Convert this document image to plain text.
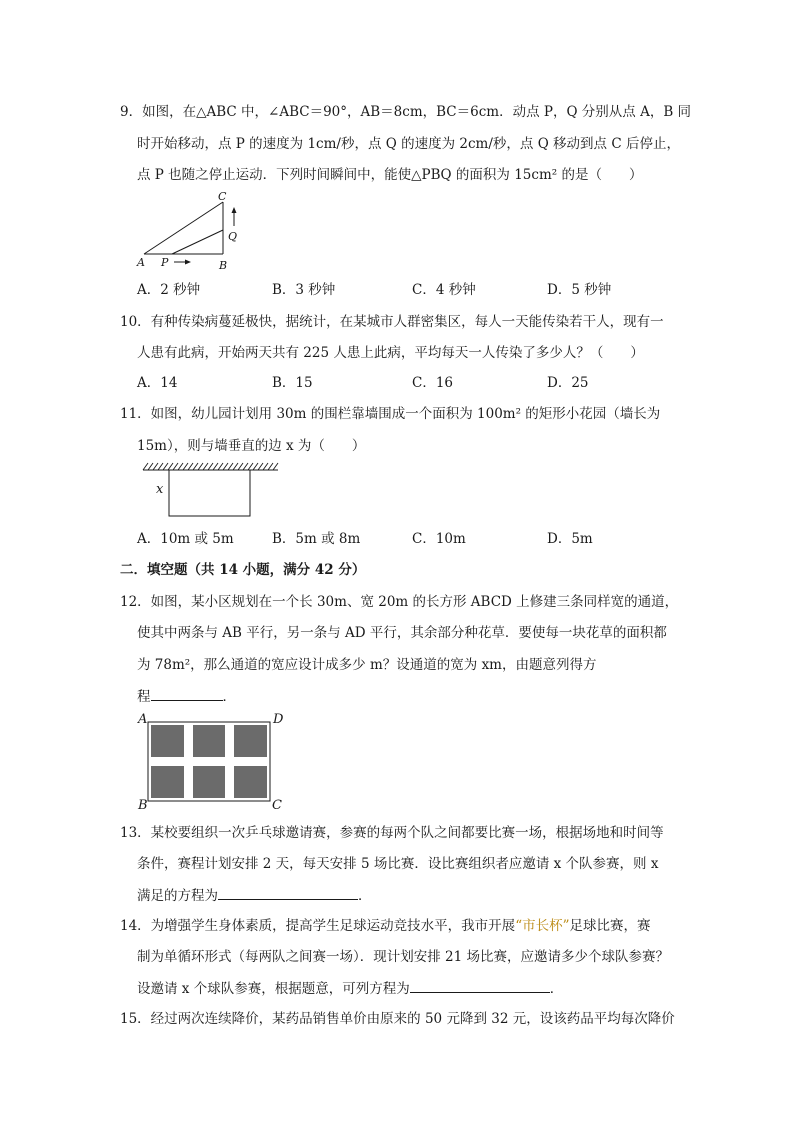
9．如图，在△ABC 中，∠ABC＝90°，AB＝8cm，BC＝6cm．动点 P，Q 分别从点 A，B 同
时开始移动，点 P 的速度为 1cm/秒，点 Q 的速度为 2cm/秒，点 Q 移动到点 C 后停止，
点 P 也随之停止运动．下列时间瞬间中，能使△PBQ 的面积为 15cm² 的是（　　）
C
Q
A P	B
A．2 秒钟	B．3 秒钟	C．4 秒钟	D．5 秒钟
10．有种传染病蔓延极快，据统计，在某城市人群密集区，每人一天能传染若干人，现有一
人患有此病，开始两天共有 225 人患上此病，平均每天一人传染了多少人？（　　）
A．14	B．15	C．16	D．25
11．如图，幼儿园计划用 30m 的围栏靠墙围成一个面积为 100m² 的矩形小花园（墙长为
15m），则与墙垂直的边 x 为（　　）
x
A．10m 或 5m	B．5m 或 8m	C．10m	D．5m
二．填空题（共 14 小题，满分 42 分）
12．如图，某小区规划在一个长 30m、宽 20m 的长方形 ABCD 上修建三条同样宽的通道，
使其中两条与 AB 平行，另一条与 AD 平行，其余部分种花草．要使每一块花草的面积都
为 78m²，那么通道的宽应设计成多少 m？设通道的宽为 xm，由题意列得方
程	．
A	D
B	C
13．某校要组织一次乒乓球邀请赛，参赛的每两个队之间都要比赛一场，根据场地和时间等
条件，赛程计划安排 2 天，每天安排 5 场比赛．设比赛组织者应邀请 x 个队参赛，则 x
满足的方程为	．
14．为增强学生身体素质，提高学生足球运动竞技水平，我市开展“市长杯”足球比赛，赛
制为单循环形式（每两队之间赛一场）．现计划安排 21 场比赛，应邀请多少个球队参赛？
设邀请 x 个球队参赛，根据题意，可列方程为	．
15．经过两次连续降价，某药品销售单价由原来的 50 元降到 32 元，设该药品平均每次降价
